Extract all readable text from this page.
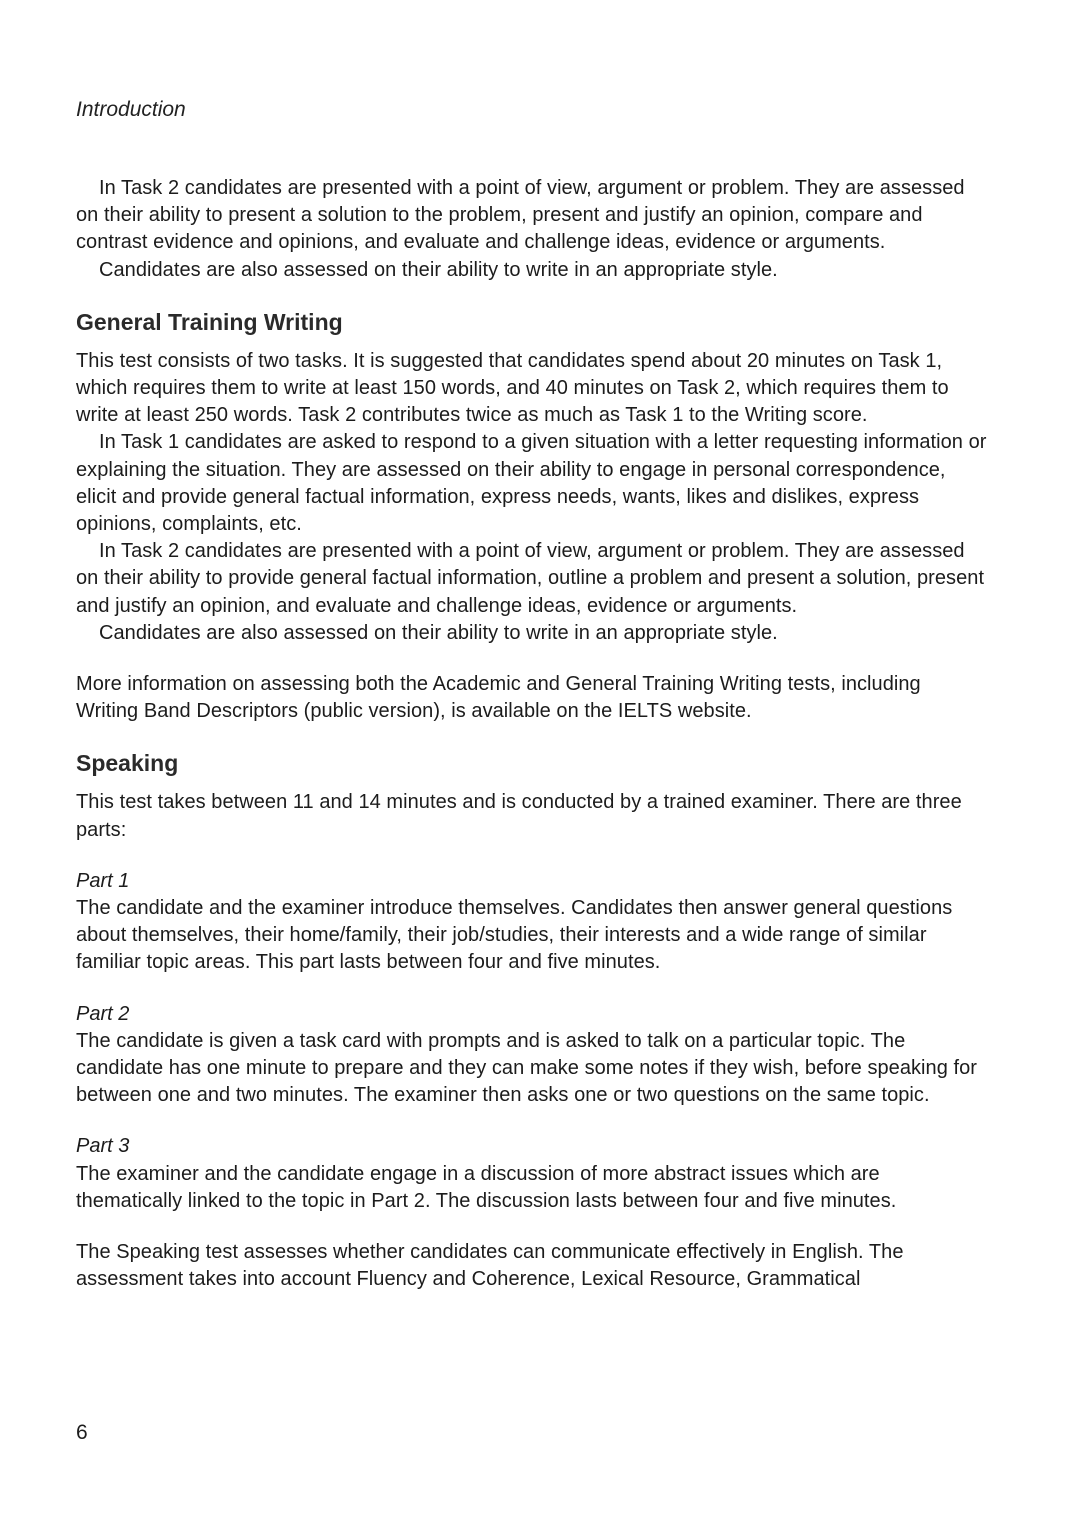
Introduction

In Task 2 candidates are presented with a point of view, argument or problem. They are assessed on their ability to present a solution to the problem, present and justify an opinion, compare and contrast evidence and opinions, and evaluate and challenge ideas, evidence or arguments.

Candidates are also assessed on their ability to write in an appropriate style.

General Training Writing

This test consists of two tasks. It is suggested that candidates spend about 20 minutes on Task 1, which requires them to write at least 150 words, and 40 minutes on Task 2, which requires them to write at least 250 words. Task 2 contributes twice as much as Task 1 to the Writing score.

In Task 1 candidates are asked to respond to a given situation with a letter requesting information or explaining the situation. They are assessed on their ability to engage in personal correspondence, elicit and provide general factual information, express needs, wants, likes and dislikes, express opinions, complaints, etc.

In Task 2 candidates are presented with a point of view, argument or problem. They are assessed on their ability to provide general factual information, outline a problem and present a solution, present and justify an opinion, and evaluate and challenge ideas, evidence or arguments.

Candidates are also assessed on their ability to write in an appropriate style.

More information on assessing both the Academic and General Training Writing tests, including Writing Band Descriptors (public version), is available on the IELTS website.

Speaking

This test takes between 11 and 14 minutes and is conducted by a trained examiner. There are three parts:

Part 1

The candidate and the examiner introduce themselves. Candidates then answer general questions about themselves, their home/family, their job/studies, their interests and a wide range of similar familiar topic areas. This part lasts between four and five minutes.

Part 2

The candidate is given a task card with prompts and is asked to talk on a particular topic. The candidate has one minute to prepare and they can make some notes if they wish, before speaking for between one and two minutes. The examiner then asks one or two questions on the same topic.

Part 3

The examiner and the candidate engage in a discussion of more abstract issues which are thematically linked to the topic in Part 2. The discussion lasts between four and five minutes.

The Speaking test assesses whether candidates can communicate effectively in English. The assessment takes into account Fluency and Coherence, Lexical Resource, Grammatical

6
